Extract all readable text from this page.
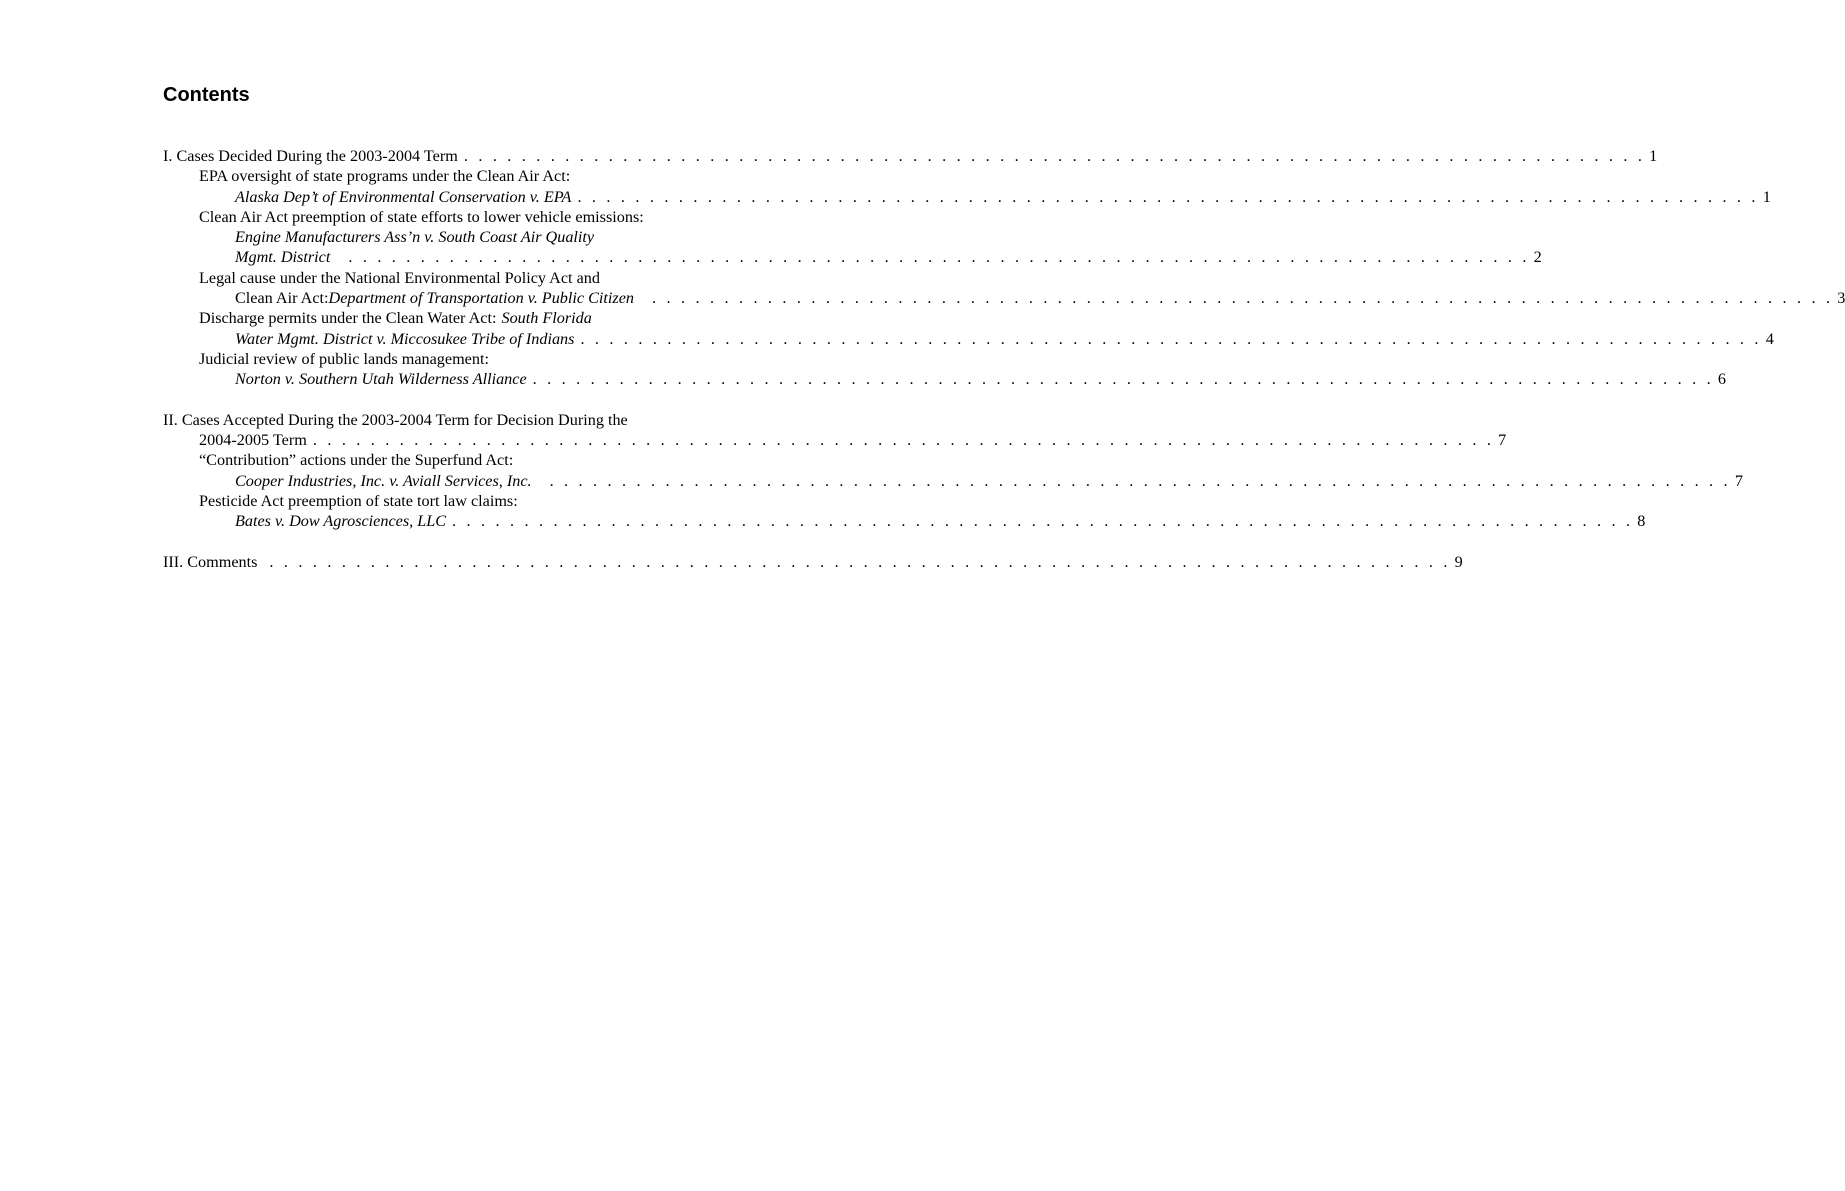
Contents
I. Cases Decided During the 2003-2004 Term . . . . . . . . . . . . . . . . . . . . . . . . . . . . . . . . . . . . . . . . . . . . . . . . . . . . . . . . . . . . . . . . . . . . . . . . . . . . . . . . . . 1
EPA oversight of state programs under the Clean Air Act:
Alaska Dep’t of Environmental Conservation v. EPA . . . . . . . . . . . . . . . . . . . . . . . . . . . . . . . . . . . . . . . . . . . . . . . . . . . . . . . . . . . . . . . . . . . . . . . . . . . . . . . . . . 1
Clean Air Act preemption of state efforts to lower vehicle emissions:
Engine Manufacturers Ass’n v. South Coast Air Quality
Mgmt. District	. . . . . . . . . . . . . . . . . . . . . . . . . . . . . . . . . . . . . . . . . . . . . . . . . . . . . . . . . . . . . . . . . . . . . . . . . . . . . . . . . . 2
Legal cause under the National Environmental Policy Act and
Clean Air Act: Department of Transportation v. Public Citizen	. . . . . . . . . . . . . . . . . . . . . . . . . . . . . . . . . . . . . . . . . . . . . . . . . . . . . . . . . . . . . . . . . . . . . . . . . . . . . . . . . . 3
Discharge permits under the Clean Water Act: South Florida
Water Mgmt. District v. Miccosukee Tribe of Indians . . . . . . . . . . . . . . . . . . . . . . . . . . . . . . . . . . . . . . . . . . . . . . . . . . . . . . . . . . . . . . . . . . . . . . . . . . . . . . . . . . 4
Judicial review of public lands management:
Norton v. Southern Utah Wilderness Alliance . . . . . . . . . . . . . . . . . . . . . . . . . . . . . . . . . . . . . . . . . . . . . . . . . . . . . . . . . . . . . . . . . . . . . . . . . . . . . . . . . . 6
II. Cases Accepted During the 2003-2004 Term for Decision During the
2004-2005 Term . . . . . . . . . . . . . . . . . . . . . . . . . . . . . . . . . . . . . . . . . . . . . . . . . . . . . . . . . . . . . . . . . . . . . . . . . . . . . . . . . . 7
“Contribution” actions under the Superfund Act:
Cooper Industries, Inc. v. Aviall Services, Inc.	. . . . . . . . . . . . . . . . . . . . . . . . . . . . . . . . . . . . . . . . . . . . . . . . . . . . . . . . . . . . . . . . . . . . . . . . . . . . . . . . . . 7
Pesticide Act preemption of state tort law claims:
Bates v. Dow Agrosciences, LLC . . . . . . . . . . . . . . . . . . . . . . . . . . . . . . . . . . . . . . . . . . . . . . . . . . . . . . . . . . . . . . . . . . . . . . . . . . . . . . . . . . 8
III. Comments . . . . . . . . . . . . . . . . . . . . . . . . . . . . . . . . . . . . . . . . . . . . . . . . . . . . . . . . . . . . . . . . . . . . . . . . . . . . . . . . . . 9
